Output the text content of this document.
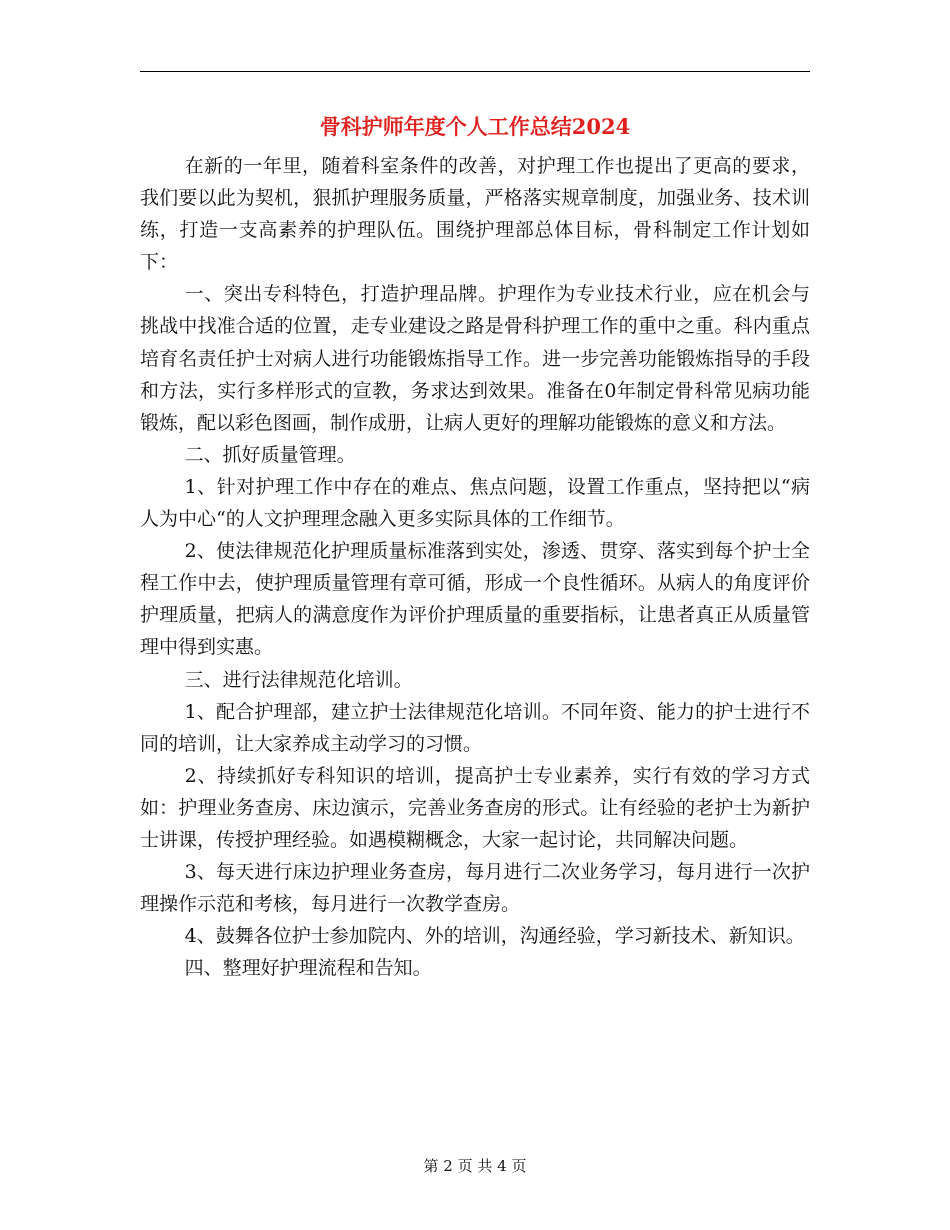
骨科护师年度个人工作总结2024

在新的一年里，随着科室条件的改善，对护理工作也提出了更高的要求，我们要以此为契机，狠抓护理服务质量，严格落实规章制度，加强业务、技术训练，打造一支高素养的护理队伍。围绕护理部总体目标，骨科制定工作计划如下：

一、突出专科特色，打造护理品牌。护理作为专业技术行业，应在机会与挑战中找准合适的位置，走专业建设之路是骨科护理工作的重中之重。科内重点培育名责任护士对病人进行功能锻炼指导工作。进一步完善功能锻炼指导的手段和方法，实行多样形式的宣教，务求达到效果。准备在0年制定骨科常见病功能锻炼，配以彩色图画，制作成册，让病人更好的理解功能锻炼的意义和方法。

二、抓好质量管理。

1、针对护理工作中存在的难点、焦点问题，设置工作重点，坚持把以“病人为中心“的人文护理理念融入更多实际具体的工作细节。

2、使法律规范化护理质量标准落到实处，渗透、贯穿、落实到每个护士全程工作中去，使护理质量管理有章可循，形成一个良性循环。从病人的角度评价护理质量，把病人的满意度作为评价护理质量的重要指标，让患者真正从质量管理中得到实惠。

三、进行法律规范化培训。

1、配合护理部，建立护士法律规范化培训。不同年资、能力的护士进行不同的培训，让大家养成主动学习的习惯。

2、持续抓好专科知识的培训，提高护士专业素养，实行有效的学习方式如：护理业务查房、床边演示，完善业务查房的形式。让有经验的老护士为新护士讲课，传授护理经验。如遇模糊概念，大家一起讨论，共同解决问题。

3、每天进行床边护理业务查房，每月进行二次业务学习，每月进行一次护理操作示范和考核，每月进行一次教学查房。

4、鼓舞各位护士参加院内、外的培训，沟通经验，学习新技术、新知识。

四、整理好护理流程和告知。

第 2 页 共 4 页
